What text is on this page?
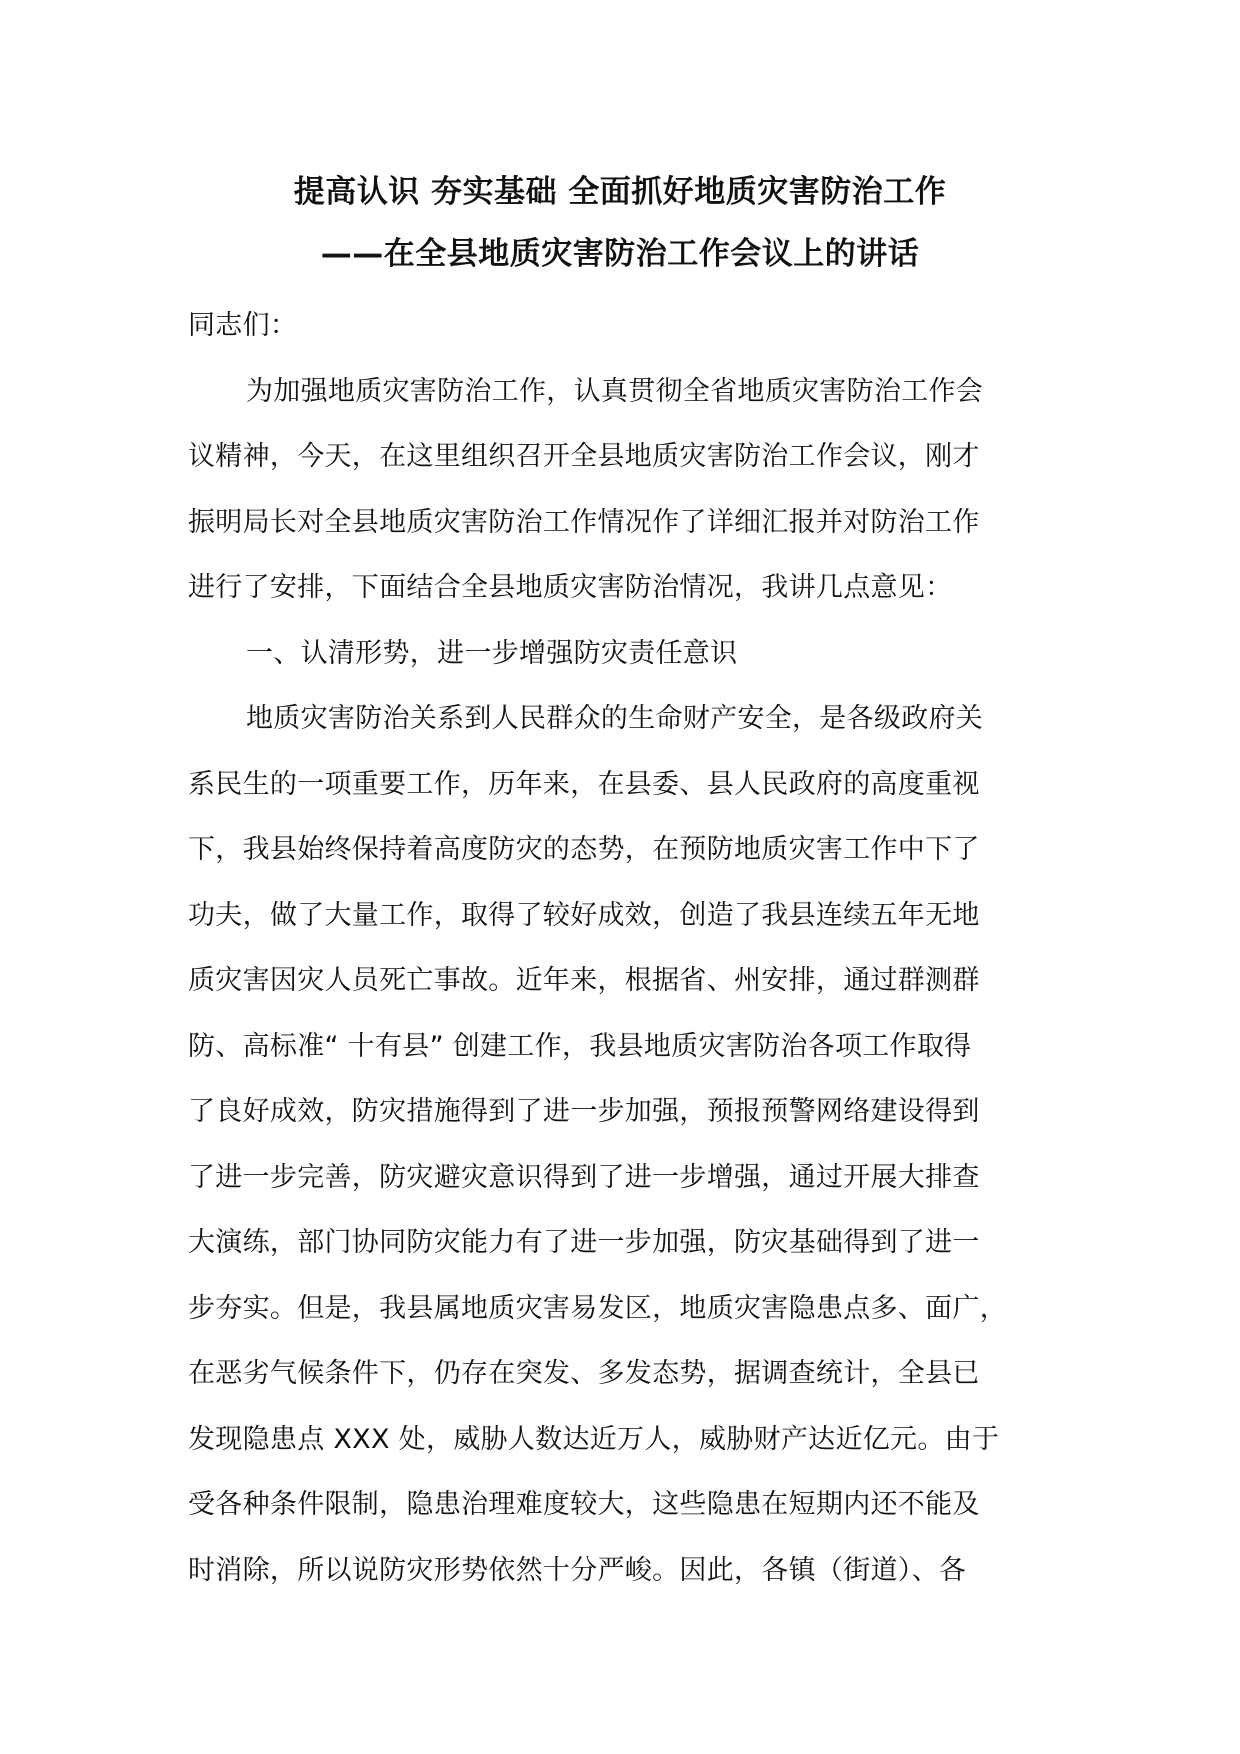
提高认识 夯实基础 全面抓好地质灾害防治工作
——在全县地质灾害防治工作会议上的讲话
同志们：
为加强地质灾害防治工作，认真贯彻全省地质灾害防治工作会
议精神，今天，在这里组织召开全县地质灾害防治工作会议，刚才
振明局长对全县地质灾害防治工作情况作了详细汇报并对防治工作
进行了安排，下面结合全县地质灾害防治情况，我讲几点意见：
一、认清形势，进一步增强防灾责任意识
地质灾害防治关系到人民群众的生命财产安全，是各级政府关
系民生的一项重要工作，历年来，在县委、县人民政府的高度重视
下，我县始终保持着高度防灾的态势，在预防地质灾害工作中下了
功夫，做了大量工作，取得了较好成效，创造了我县连续五年无地
质灾害因灾人员死亡事故。近年来，根据省、州安排，通过群测群
防、高标准“ 十有县” 创建工作，我县地质灾害防治各项工作取得
了良好成效，防灾措施得到了进一步加强，预报预警网络建设得到
了进一步完善，防灾避灾意识得到了进一步增强，通过开展大排查
大演练，部门协同防灾能力有了进一步加强，防灾基础得到了进一
步夯实。但是，我县属地质灾害易发区，地质灾害隐患点多、面广，
在恶劣气候条件下，仍存在突发、多发态势，据调查统计，全县已
发现隐患点 XXX 处，威胁人数达近万人，威胁财产达近亿元。由于
受各种条件限制，隐患治理难度较大，这些隐患在短期内还不能及
时消除，所以说防灾形势依然十分严峻。因此，各镇（街道）、各
